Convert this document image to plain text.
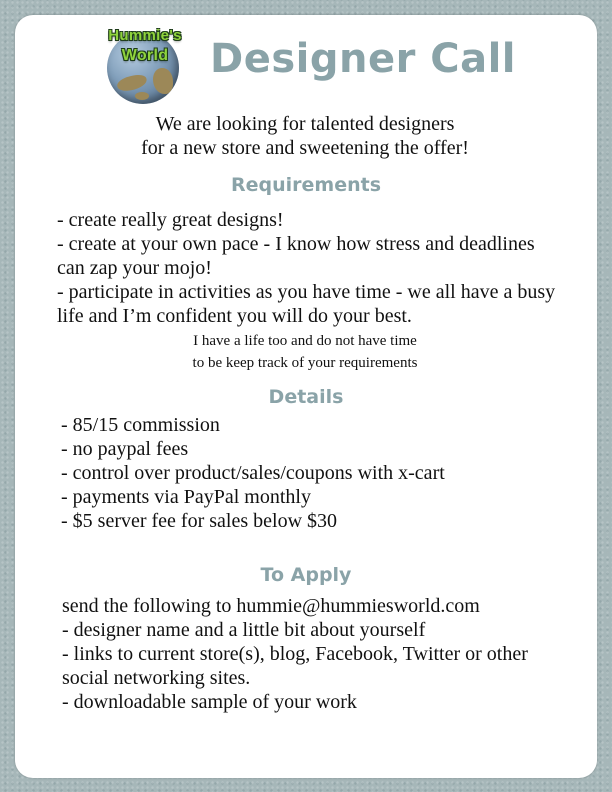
Hummie's
World	Designer Call
We are looking for talented designers
for a new store and sweetening the offer!
Requirements
- create really great designs!
- create at your own pace - I know how stress and deadlines can zap your mojo!
- participate in activities as you have time - we all have a busy life and I’m confident you will do your best.
I have a life too and do not have time
to be keep track of your requirements
Details
- 85/15 commission
- no paypal fees
- control over product/sales/coupons with x-cart
- payments via PayPal monthly
- $5 server fee for sales below $30
To Apply
send the following to hummie@hummiesworld.com
- designer name and a little bit about yourself
- links to current store(s), blog, Facebook, Twitter or other social networking sites.
- downloadable sample of your work
